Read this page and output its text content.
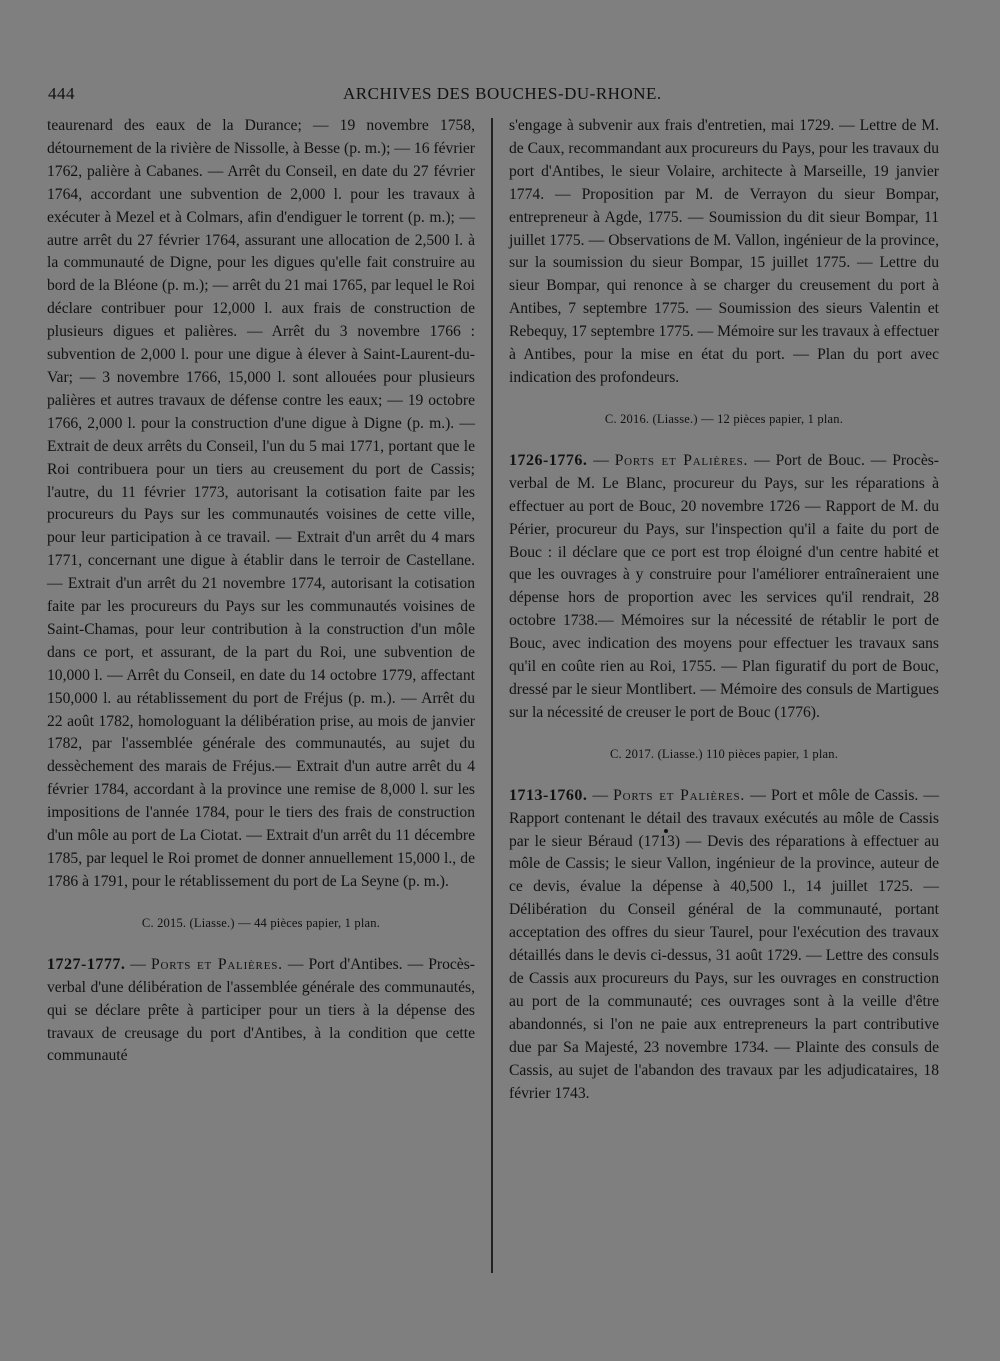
444	ARCHIVES DES BOUCHES-DU-RHONE.

teaurenard des eaux de la Durance; — 19 novembre 1758, détournement de la rivière de Nissolle, à Besse (p. m.); — 16 février 1762, palière à Cabanes. — Arrêt du Conseil, en date du 27 février 1764, accordant une subvention de 2,000 l. pour les travaux à exécuter à Mezel et à Colmars, afin d'endiguer le torrent (p. m.); — autre arrêt du 27 février 1764, assurant une allocation de 2,500 l. à la communauté de Digne, pour les digues qu'elle fait construire au bord de la Bléone (p. m.); — arrêt du 21 mai 1765, par lequel le Roi déclare contribuer pour 12,000 l. aux frais de construction de plusieurs digues et palières. — Arrêt du 3 novembre 1766 : subvention de 2,000 l. pour une digue à élever à Saint-Laurent-du-Var; — 3 novembre 1766, 15,000 l. sont allouées pour plusieurs palières et autres travaux de défense contre les eaux; — 19 octobre 1766, 2,000 l. pour la construction d'une digue à Digne (p. m.). — Extrait de deux arrêts du Conseil, l'un du 5 mai 1771, portant que le Roi contribuera pour un tiers au creusement du port de Cassis; l'autre, du 11 février 1773, autorisant la cotisation faite par les procureurs du Pays sur les communautés voisines de cette ville, pour leur participation à ce travail. — Extrait d'un arrêt du 4 mars 1771, concernant une digue à établir dans le terroir de Castellane. — Extrait d'un arrêt du 21 novembre 1774, autorisant la cotisation faite par les procureurs du Pays sur les communautés voisines de Saint-Chamas, pour leur contribution à la construction d'un môle dans ce port, et assurant, de la part du Roi, une subvention de 10,000 l. — Arrêt du Conseil, en date du 14 octobre 1779, affectant 150,000 l. au rétablissement du port de Fréjus (p. m.). — Arrêt du 22 août 1782, homologuant la délibération prise, au mois de janvier 1782, par l'assemblée générale des communautés, au sujet du dessèchement des marais de Fréjus.— Extrait d'un autre arrêt du 4 février 1784, accordant à la province une remise de 8,000 l. sur les impositions de l'année 1784, pour le tiers des frais de construction d'un môle au port de La Ciotat. — Extrait d'un arrêt du 11 décembre 1785, par lequel le Roi promet de donner annuellement 15,000 l., de 1786 à 1791, pour le rétablissement du port de La Seyne (p. m.).

C. 2015. (Liasse.) — 44 pièces papier, 1 plan.

1727-1777. — Ports et Palières. — Port d'Antibes. — Procès-verbal d'une délibération de l'assemblée générale des communautés, qui se déclare prête à participer pour un tiers à la dépense des travaux de creusage du port d'Antibes, à la condition que cette communauté

s'engage à subvenir aux frais d'entretien, mai 1729. — Lettre de M. de Caux, recommandant aux procureurs du Pays, pour les travaux du port d'Antibes, le sieur Volaire, architecte à Marseille, 19 janvier 1774. — Proposition par M. de Verrayon du sieur Bompar, entrepreneur à Agde, 1775. — Soumission du dit sieur Bompar, 11 juillet 1775. — Observations de M. Vallon, ingénieur de la province, sur la soumission du sieur Bompar, 15 juillet 1775. — Lettre du sieur Bompar, qui renonce à se charger du creusement du port à Antibes, 7 septembre 1775. — Soumission des sieurs Valentin et Rebequy, 17 septembre 1775. — Mémoire sur les travaux à effectuer à Antibes, pour la mise en état du port. — Plan du port avec indication des profondeurs.

C. 2016. (Liasse.) — 12 pièces papier, 1 plan.

1726-1776. — Ports et Palières. — Port de Bouc. — Procès-verbal de M. Le Blanc, procureur du Pays, sur les réparations à effectuer au port de Bouc, 20 novembre 1726 — Rapport de M. du Périer, procureur du Pays, sur l'inspection qu'il a faite du port de Bouc : il déclare que ce port est trop éloigné d'un centre habité et que les ouvrages à y construire pour l'améliorer entraîneraient une dépense hors de proportion avec les services qu'il rendrait, 28 octobre 1738.— Mémoires sur la nécessité de rétablir le port de Bouc, avec indication des moyens pour effectuer les travaux sans qu'il en coûte rien au Roi, 1755. — Plan figuratif du port de Bouc, dressé par le sieur Montlibert. — Mémoire des consuls de Martigues sur la nécessité de creuser le port de Bouc (1776).

C. 2017. (Liasse.) 110 pièces papier, 1 plan.

1713-1760. — Ports et Palières. — Port et môle de Cassis. — Rapport contenant le détail des travaux exécutés au môle de Cassis par le sieur Béraud (1713) — Devis des réparations à effectuer au môle de Cassis; le sieur Vallon, ingénieur de la province, auteur de ce devis, évalue la dépense à 40,500 l., 14 juillet 1725. — Délibération du Conseil général de la communauté, portant acceptation des offres du sieur Taurel, pour l'exécution des travaux détaillés dans le devis ci-dessus, 31 août 1729. — Lettre des consuls de Cassis aux procureurs du Pays, sur les ouvrages en construction au port de la communauté; ces ouvrages sont à la veille d'être abandonnés, si l'on ne paie aux entrepreneurs la part contributive due par Sa Majesté, 23 novembre 1734. — Plainte des consuls de Cassis, au sujet de l'abandon des travaux par les adjudicataires, 18 février 1743.
